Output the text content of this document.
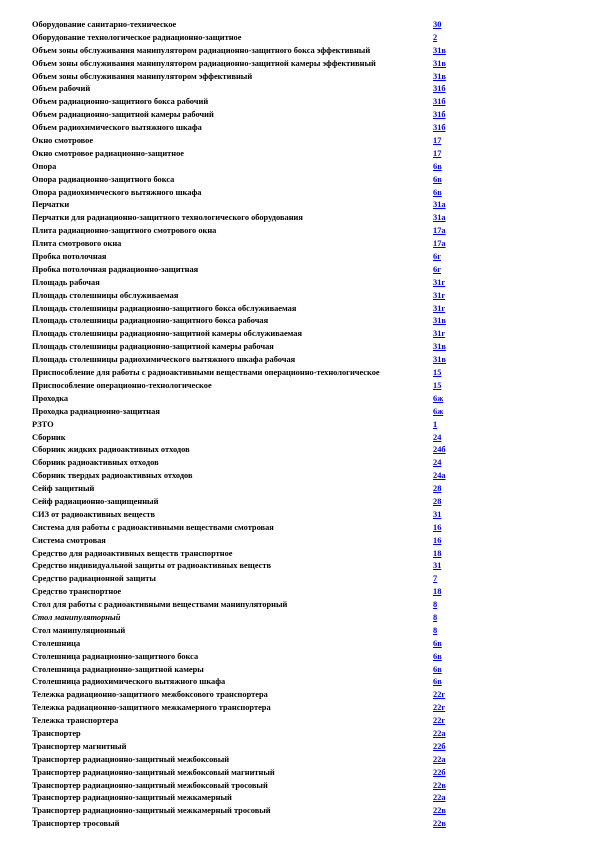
Оборудование санитарно-техническое	30
Оборудование технологическое радиационно-защитное	2
Объем зоны обслуживания манипулятором радиационно-защитного бокса эффективный	31в
Объем зоны обслуживания манипулятором радиационно-защитной камеры эффективный	31в
Объем зоны обслуживания манипулятором эффективный	31в
Объем рабочий	31б
Объем радиационно-защитного бокса рабочий	31б
Объем радиационно-защитной камеры рабочий	31б
Объем радиохимического вытяжного шкафа	31б
Окно смотровое	17
Окно смотровое радиационно-защитное	17
Опора	6в
Опора радиационно-защитного бокса	6в
Опора радиохимического вытяжного шкафа	6в
Перчатки	31а
Перчатки для радиационно-защитного технологического оборудования	31а
Плита радиационно-защитного смотрового окна	17а
Плита смотрового окна	17а
Пробка потолочная	6г
Пробка потолочная радиационно-защитная	6г
Площадь рабочая	31г
Площадь столешницы обслуживаемая	31г
Площадь столешницы радиационно-защитного бокса обслуживаемая	31г
Площадь столешницы радиационно-защитного бокса рабочая	31в
Площадь столешницы радиационно-защитной камеры обслуживаемая	31г
Площадь столешницы радиационно-защитной камеры рабочая	31в
Площадь столешницы радиохимического вытяжного шкафа рабочая	31в
Приспособление для работы с радиоактивными веществами операционно-технологическое	15
Приспособление операционно-технологическое	15
Проходка	6ж
Проходка радиационно-защитная	6ж
РЗТО	1
Сборник	24
Сборник жидких радиоактивных отходов	24б
Сборник радиоактивных отходов	24
Сборник твердых радиоактивных отходов	24а
Сейф защитный	28
Сейф радиационно-защищенный	28
СИЗ от радиоактивных веществ	31
Система для работы с радиоактивными веществами смотровая	16
Система смотровая	16
Средство для радиоактивных веществ транспортное	18
Средство индивидуальной защиты от радиоактивных веществ	31
Средство радиационной защиты	7
Средство транспортное	18
Стол для работы с радиоактивными веществами манипуляторный	8
Стол манипуляторный	8
Стол манипуляционный	8
Столешница	6в
Столешница радиационно-защитного бокса	6в
Столешница радиационно-защитной камеры	6в
Столешница радиохимического вытяжного шкафа	6в
Тележка радиационно-защитного межбоксового транспортера	22г
Тележка радиационно-защитного межкамерного транспортера	22г
Тележка транспортера	22г
Транспортер	22а
Транспортер магнитный	22б
Транспортер радиационно-защитный межбоксовый	22а
Транспортер радиационно-защитный межбоксовый магнитный	22б
Транспортер радиационно-защитный межбоксовый тросовый	22в
Транспортер радиационно-защитный межкамерный	22а
Транспортер радиационно-защитный межкамерный тросовый	22в
Транспортер тросовый	22в
